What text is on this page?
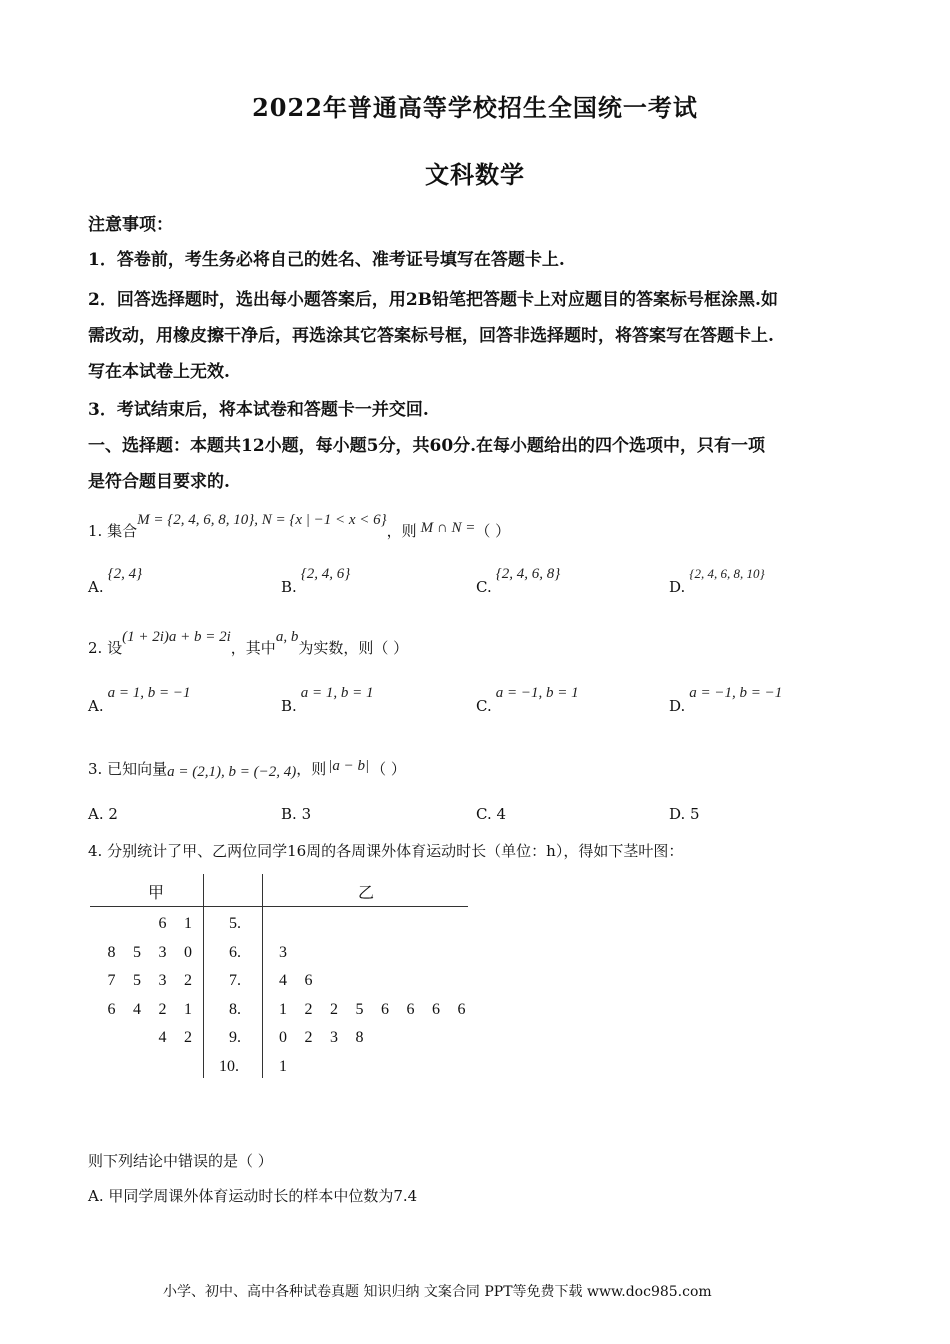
2022年普通高等学校招生全国统一考试
文科数学
注意事项：
1．答卷前，考生务必将自己的姓名、准考证号填写在答题卡上.
2．回答选择题时，选出每小题答案后，用2B铅笔把答题卡上对应题目的答案标号框涂黑.如
需改动，用橡皮擦干净后，再选涂其它答案标号框，回答非选择题时，将答案写在答题卡上.
写在本试卷上无效.
3．考试结束后，将本试卷和答题卡一并交回.
一、选择题：本题共12小题，每小题5分，共60分.在每小题给出的四个选项中，只有一项
是符合题目要求的.
1. 集合M = {2, 4, 6, 8, 10}, N = {x | −1 < x < 6}，则 M ∩ N =（ ）
A.{2, 4}
B.{2, 4, 6}
C.{2, 4, 6, 8}
D.{2, 4, 6, 8, 10}
2. 设(1 + 2i)a + b = 2i，其中a, b为实数，则（ ）
A.a = 1, b = −1
B.a = 1, b = 1
C.a = −1, b = 1
D.a = −1, b = −1
3. 已知向量a = (2,1), b = (−2, 4)，则 |a − b| （ ）
A. 2	B. 3	C. 4	D. 5
4. 分别统计了甲、乙两位同学16周的各周课外体育运动时长（单位：h），得如下茎叶图：
甲	乙
6 1 5.
8 5 3 0 6. 3
7 5 3 2 7. 4 6
6 4 2 1 8. 1 2 2 5 6 6 6 6
4 2 9. 0 2 3 8
10.	1
则下列结论中错误的是（ ）
A. 甲同学周课外体育运动时长的样本中位数为7.4
小学、初中、高中各种试卷真题 知识归纳 文案合同 PPT等免费下载 www.doc985.com
